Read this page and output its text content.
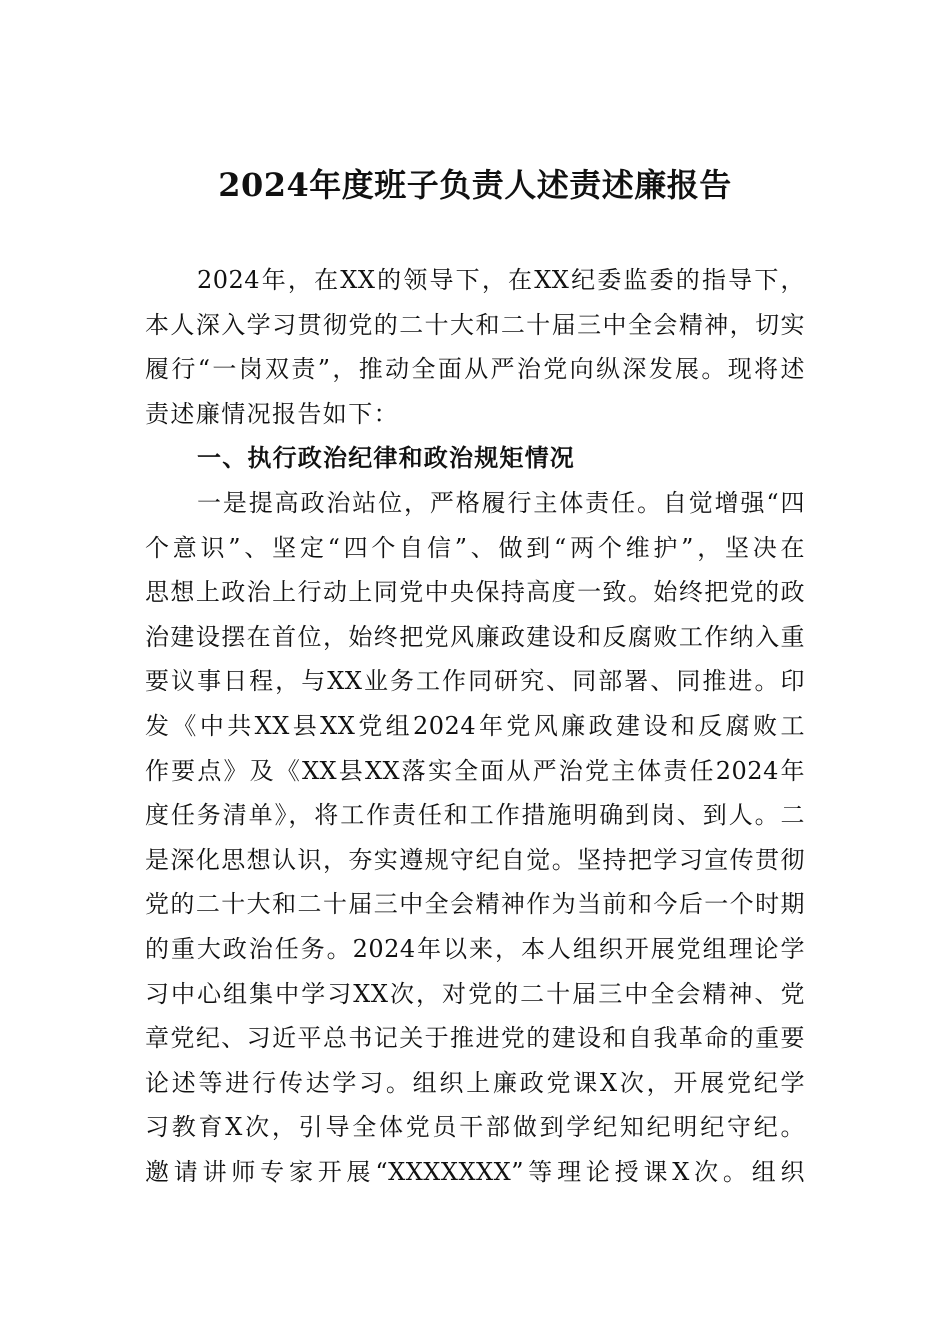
2024年度班子负责人述责述廉报告
2024年，在XX的领导下，在XX纪委监委的指导下，
本人深入学习贯彻党的二十大和二十届三中全会精神，切实
履行“一岗双责”，推动全面从严治党向纵深发展。现将述
责述廉情况报告如下：
一、执行政治纪律和政治规矩情况
一是提高政治站位，严格履行主体责任。自觉增强“四
个意识”、坚定“四个自信”、做到“两个维护”，坚决在
思想上政治上行动上同党中央保持高度一致。始终把党的政
治建设摆在首位，始终把党风廉政建设和反腐败工作纳入重
要议事日程，与XX业务工作同研究、同部署、同推进。印
发《中共XX县XX党组2024年党风廉政建设和反腐败工
作要点》及《XX县XX落实全面从严治党主体责任2024年
度任务清单》，将工作责任和工作措施明确到岗、到人。二
是深化思想认识，夯实遵规守纪自觉。坚持把学习宣传贯彻
党的二十大和二十届三中全会精神作为当前和今后一个时期
的重大政治任务。2024年以来，本人组织开展党组理论学
习中心组集中学习XX次，对党的二十届三中全会精神、党
章党纪、习近平总书记关于推进党的建设和自我革命的重要
论述等进行传达学习。组织上廉政党课X次，开展党纪学
习教育X次，引导全体党员干部做到学纪知纪明纪守纪。
邀请讲师专家开展“XXXXXXX”等理论授课X次。组织
